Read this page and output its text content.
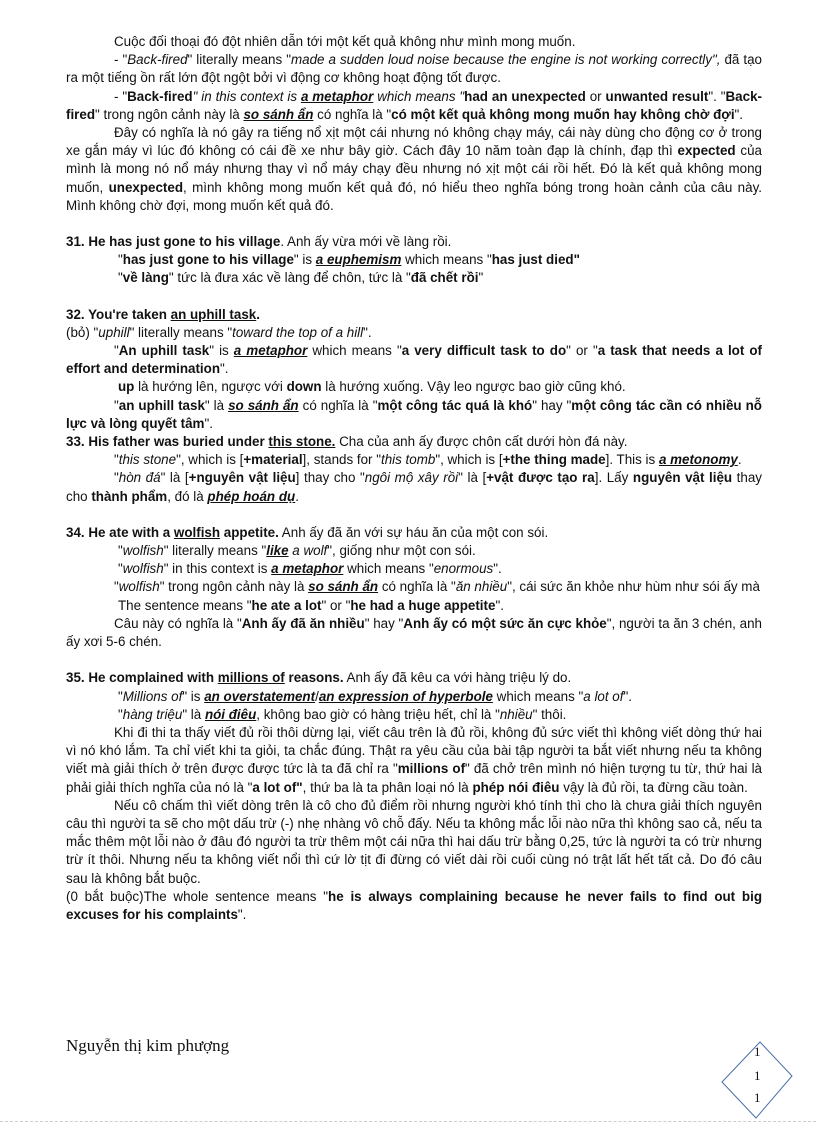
Cuộc đối thoại đó đột nhiên dẫn tới một kết quả không như mình mong muốn.

- "Back-fired" literally means "made a sudden loud noise because the engine is not working correctly", đã tạo ra một tiếng ồn rất lớn đột ngột bởi vì động cơ không hoạt động tốt được.

- "Back-fired" in this context is a metaphor which means "had an unexpected or unwanted result". "Back-fired" trong ngôn cảnh này là so sánh ẩn có nghĩa là "có một kết quả không mong muốn hay không chờ đợi".

Đây có nghĩa là nó gây ra tiếng nổ xịt một cái nhưng nó không chạy máy, cái này dùng cho động cơ ở trong xe gắn máy vì lúc đó không có cái đề xe như bây giờ. Cách đây 10 năm toàn đạp là chính, đạp thì expected của mình là mong nó nổ máy nhưng thay vì nổ máy chạy đều nhưng nó xịt một cái rồi hết. Đó là kết quả không mong muốn, unexpected, mình không mong muốn kết quả đó, nó hiểu theo nghĩa bóng trong hoàn cảnh của câu này. Mình không chờ đợi, mong muốn kết quả đó.

31. He has just gone to his village. Anh ấy vừa mới về làng rồi.

"has just gone to his village" is a euphemism which means "has just died"

"về làng" tức là đưa xác về làng để chôn, tức là "đã chết rồi"

32. You're taken an uphill task.

(bỏ) "uphill" literally means "toward the top of a hill".

"An uphill task" is a metaphor which means "a very difficult task to do" or "a task that needs a lot of effort and determination".

up là hướng lên, ngược với down là hướng xuống. Vậy leo ngược bao giờ cũng khó.

"an uphill task" là so sánh ẩn có nghĩa là "một công tác quá là khó" hay "một công tác cần có nhiều nỗ lực và lòng quyết tâm".

33. His father was buried under this stone. Cha của anh ấy được chôn cất dưới hòn đá này.

"this stone", which is [+material], stands for "this tomb", which is [+the thing made]. This is a metonomy.

"hòn đá" là [+nguyên vật liệu] thay cho "ngôi mộ xây rồi" là [+vật được tạo ra]. Lấy nguyên vật liệu thay cho thành phẩm, đó là phép hoán dụ.

34. He ate with a wolfish appetite. Anh ấy đã ăn với sự háu ăn của một con sói.

"wolfish" literally means "like a wolf", giống như một con sói.

"wolfish" in this context is a metaphor which means "enormous".

"wolfish" trong ngôn cảnh này là so sánh ẩn có nghĩa là "ăn nhiều", cái sức ăn khỏe như hùm như sói ấy mà

The sentence means "he ate a lot" or "he had a huge appetite".

Câu này có nghĩa là "Anh ấy đã ăn nhiều" hay "Anh ấy có một sức ăn cực khỏe", người ta ăn 3 chén, anh ấy xơi 5-6 chén.

35. He complained with millions of reasons. Anh ấy đã kêu ca với hàng triệu lý do.

"Millions of" is an overstatement/an expression of hyperbole which means "a lot of".

"hàng triệu" là nói điêu, không bao giờ có hàng triệu hết, chỉ là "nhiều" thôi.

Khi đi thi ta thấy viết đủ rồi thôi dừng lại, viết câu trên là đủ rồi, không đủ sức viết thì không viết dòng thứ hai vì nó khó lắm. Ta chỉ viết khi ta giỏi, ta chắc đúng. Thật ra yêu cầu của bài tập người ta bắt viết nhưng nếu ta không viết mà giải thích ở trên được được tức là ta đã chỉ ra "millions of" đã chở trên mình nó hiện tượng tu từ, thứ hai là phải giải thích nghĩa của nó là "a lot of", thứ ba là ta phân loại nó là phép nói điêu vậy là đủ rồi, ta đừng cầu toàn.

Nếu cô chấm thì viết dòng trên là cô cho đủ điểm rồi nhưng người khó tính thì cho là chưa giải thích nguyên câu thì người ta sẽ cho một dấu trừ (-) nhẹ nhàng vô chỗ đấy. Nếu ta không mắc lỗi nào nữa thì không sao cả, nếu ta mắc thêm một lỗi nào ở đâu đó người ta trừ thêm một cái nữa thì hai dấu trừ bằng 0,25, tức là người ta có trừ nhưng trừ ít thôi. Nhưng nếu ta không viết nổi thì cứ lờ tịt đi đừng có viết dài rồi cuối cùng nó trật lất hết tất cả. Do đó câu sau là không bắt buộc.

(0 bắt buộc)The whole sentence means "he is always complaining because he never fails to find out big excuses for his complaints".

Nguyễn thị kim phượng	1
1
1
